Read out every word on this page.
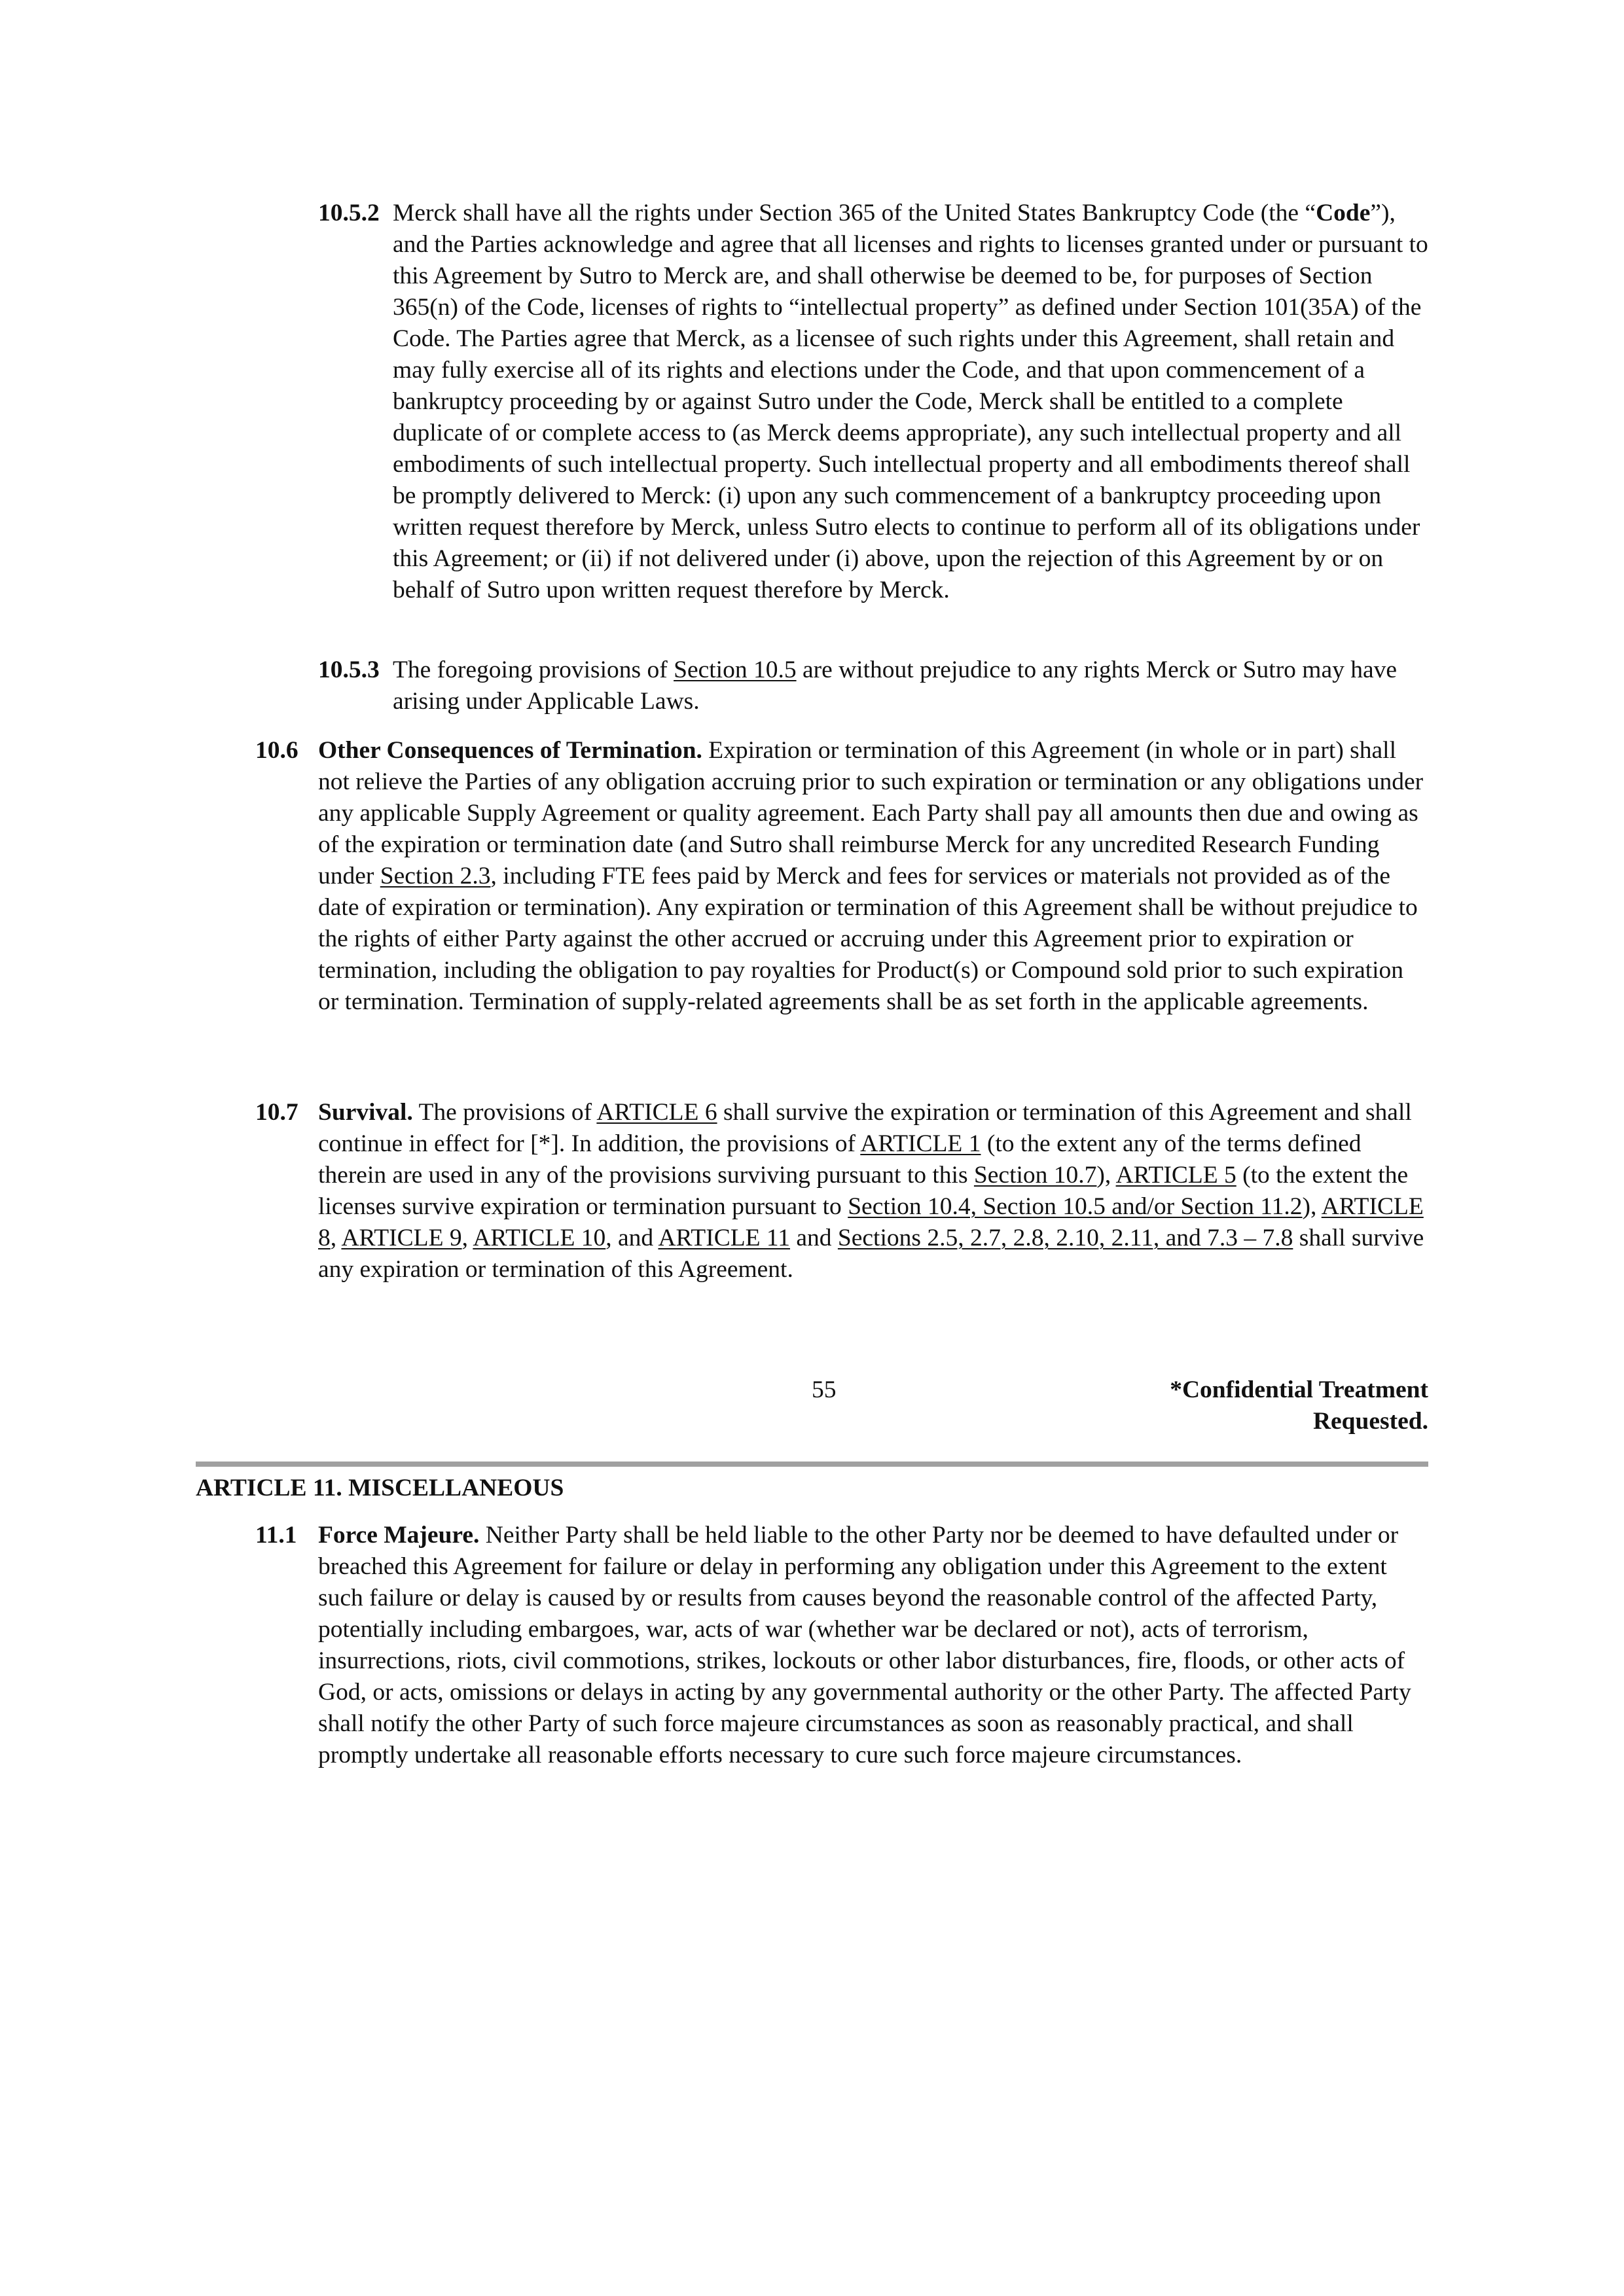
10.5.2 Merck shall have all the rights under Section 365 of the United States Bankruptcy Code (the “Code”), and the Parties acknowledge and agree that all licenses and rights to licenses granted under or pursuant to this Agreement by Sutro to Merck are, and shall otherwise be deemed to be, for purposes of Section 365(n) of the Code, licenses of rights to “intellectual property” as defined under Section 101(35A) of the Code. The Parties agree that Merck, as a licensee of such rights under this Agreement, shall retain and may fully exercise all of its rights and elections under the Code, and that upon commencement of a bankruptcy proceeding by or against Sutro under the Code, Merck shall be entitled to a complete duplicate of or complete access to (as Merck deems appropriate), any such intellectual property and all embodiments of such intellectual property. Such intellectual property and all embodiments thereof shall be promptly delivered to Merck: (i) upon any such commencement of a bankruptcy proceeding upon written request therefore by Merck, unless Sutro elects to continue to perform all of its obligations under this Agreement; or (ii) if not delivered under (i) above, upon the rejection of this Agreement by or on behalf of Sutro upon written request therefore by Merck.
10.5.3 The foregoing provisions of Section 10.5 are without prejudice to any rights Merck or Sutro may have arising under Applicable Laws.
10.6 Other Consequences of Termination. Expiration or termination of this Agreement (in whole or in part) shall not relieve the Parties of any obligation accruing prior to such expiration or termination or any obligations under any applicable Supply Agreement or quality agreement. Each Party shall pay all amounts then due and owing as of the expiration or termination date (and Sutro shall reimburse Merck for any uncredited Research Funding under Section 2.3, including FTE fees paid by Merck and fees for services or materials not provided as of the date of expiration or termination). Any expiration or termination of this Agreement shall be without prejudice to the rights of either Party against the other accrued or accruing under this Agreement prior to expiration or termination, including the obligation to pay royalties for Product(s) or Compound sold prior to such expiration or termination. Termination of supply-related agreements shall be as set forth in the applicable agreements.
10.7 Survival. The provisions of ARTICLE 6 shall survive the expiration or termination of this Agreement and shall continue in effect for [*]. In addition, the provisions of ARTICLE 1 (to the extent any of the terms defined therein are used in any of the provisions surviving pursuant to this Section 10.7), ARTICLE 5 (to the extent the licenses survive expiration or termination pursuant to Section 10.4, Section 10.5 and/or Section 11.2), ARTICLE 8, ARTICLE 9, ARTICLE 10, and ARTICLE 11 and Sections 2.5, 2.7, 2.8, 2.10, 2.11, and 7.3 – 7.8 shall survive any expiration or termination of this Agreement.
55	*Confidential Treatment
Requested.
ARTICLE 11. MISCELLANEOUS
11.1 Force Majeure. Neither Party shall be held liable to the other Party nor be deemed to have defaulted under or breached this Agreement for failure or delay in performing any obligation under this Agreement to the extent such failure or delay is caused by or results from causes beyond the reasonable control of the affected Party, potentially including embargoes, war, acts of war (whether war be declared or not), acts of terrorism, insurrections, riots, civil commotions, strikes, lockouts or other labor disturbances, fire, floods, or other acts of God, or acts, omissions or delays in acting by any governmental authority or the other Party. The affected Party shall notify the other Party of such force majeure circumstances as soon as reasonably practical, and shall promptly undertake all reasonable efforts necessary to cure such force majeure circumstances.
